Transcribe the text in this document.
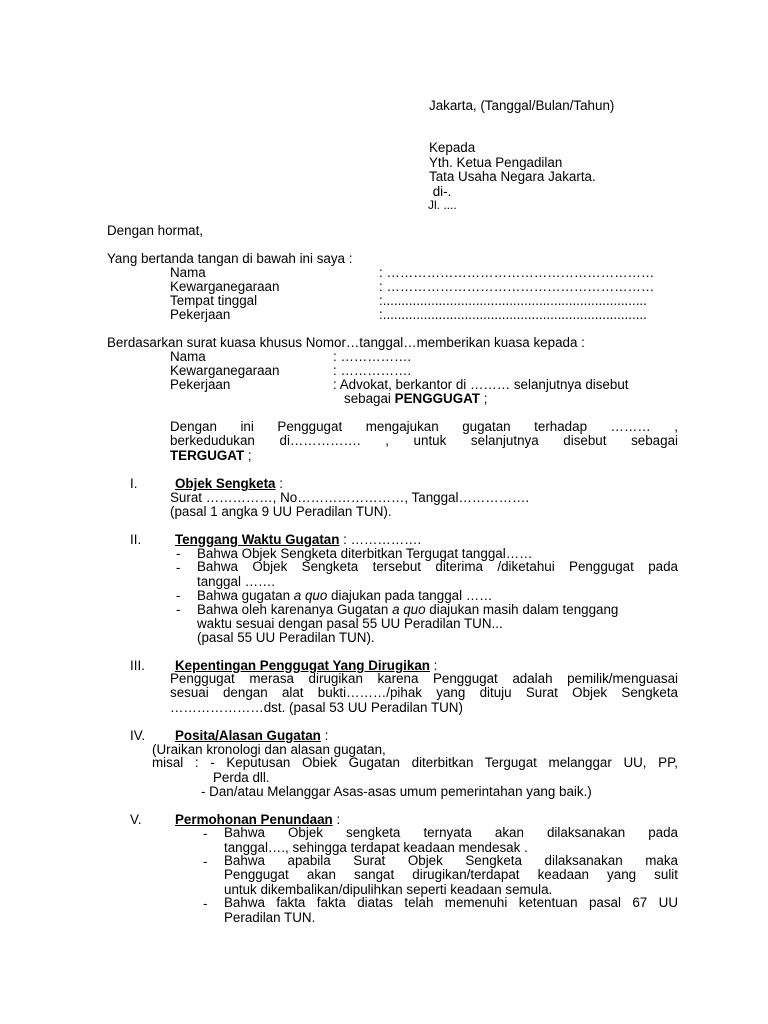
Jakarta, (Tanggal/Bulan/Tahun)
Kepada
Yth. Ketua Pengadilan
Tata Usaha Negara Jakarta.
di-.
Jl. ....
Dengan hormat,
Yang bertanda tangan di bawah ini saya :
Nama	: ……………………………………………………
Kewarganegaraan	: ……………………………………………………
Tempat tinggal	:.......................................................................
Pekerjaan	:.......................................................................
Berdasarkan surat kuasa khusus Nomor…tanggal…memberikan kuasa kepada :
Nama	: …………….
Kewarganegaraan	: …………….
Pekerjaan	: Advokat, berkantor di ……… selanjutnya disebut
sebagai PENGGUGAT ;
Dengan ini Penggugat mengajukan gugatan terhadap ……… ,
berkedudukan di……………. , untuk selanjutnya disebut sebagai
TERGUGAT ;
I.	Objek Sengketa :
Surat ……………, No……………………, Tanggal…………….
(pasal 1 angka 9 UU Peradilan TUN).
II.	Tenggang Waktu Gugatan : …………….
- Bahwa Objek Sengketa diterbitkan Tergugat tanggal……
- Bahwa Objek Sengketa tersebut diterima /diketahui Penggugat pada
tanggal …….
- Bahwa gugatan a quo diajukan pada tanggal ……
- Bahwa oleh karenanya Gugatan a quo diajukan masih dalam tenggang
waktu sesuai dengan pasal 55 UU Peradilan TUN...
(pasal 55 UU Peradilan TUN).
III. Kepentingan Penggugat Yang Dirugikan :
Penggugat merasa dirugikan karena Penggugat adalah pemilik/menguasai
sesuai dengan alat bukti………/pihak yang dituju Surat Objek Sengketa
…………………dst. (pasal 53 UU Peradilan TUN)
IV. Posita/Alasan Gugatan :
(Uraikan kronologi dan alasan gugatan,
misal : - Keputusan Obiek Gugatan diterbitkan Tergugat melanggar UU, PP,
Perda dll.
- Dan/atau Melanggar Asas-asas umum pemerintahan yang baik.)
V.	Permohonan Penundaan :
- Bahwa Objek sengketa ternyata akan dilaksanakan pada
tanggal…., sehingga terdapat keadaan mendesak .
- Bahwa apabila Surat Objek Sengketa dilaksanakan maka
Penggugat akan sangat dirugikan/terdapat keadaan yang sulit
untuk dikembalikan/dipulihkan seperti keadaan semula.
- Bahwa fakta fakta diatas telah memenuhi ketentuan pasal 67 UU
Peradilan TUN.
